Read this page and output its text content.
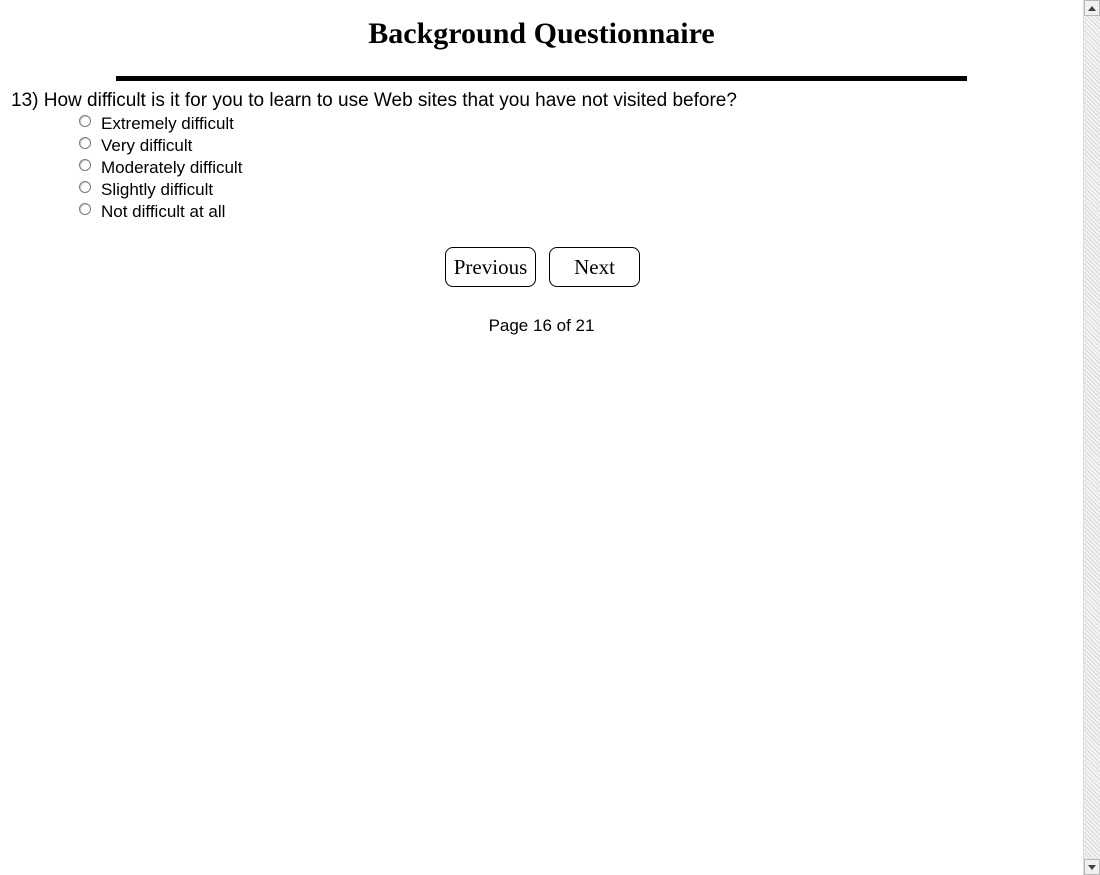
Background Questionnaire
13) How difficult is it for you to learn to use Web sites that you have not visited before?
Extremely difficult
Very difficult
Moderately difficult
Slightly difficult
Not difficult at all
Previous	Next
Page 16 of 21
